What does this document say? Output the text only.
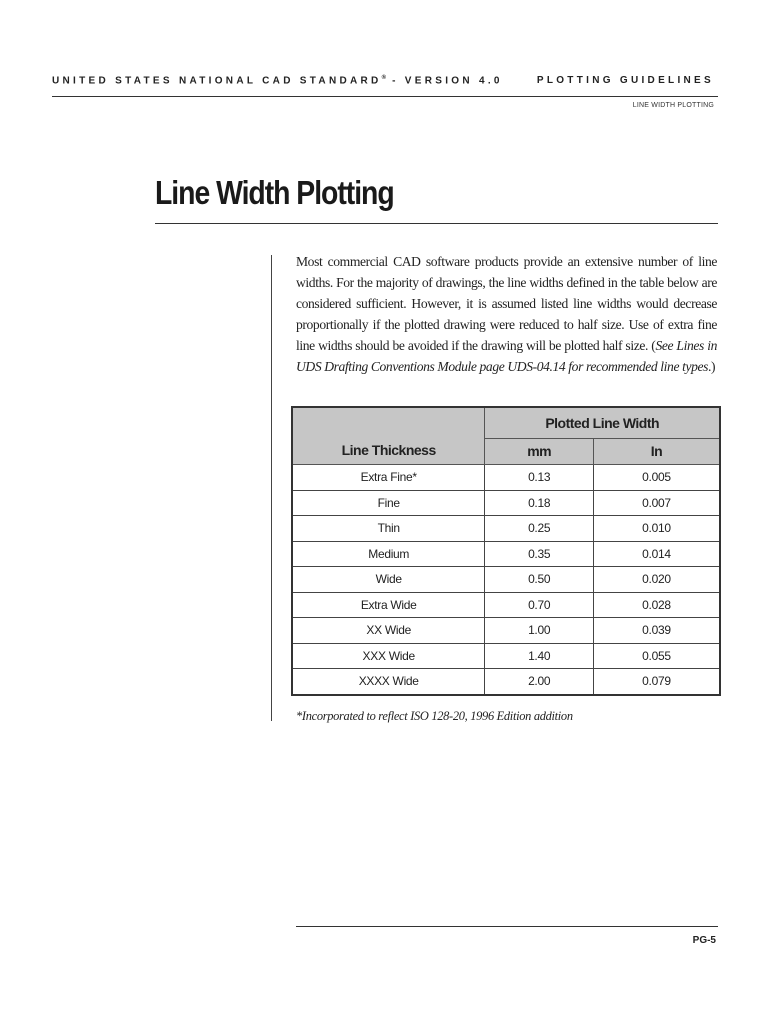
UNITED STATES NATIONAL CAD STANDARD® - VERSION 4.0	PLOTTING GUIDELINES
LINE WIDTH PLOTTING
Line Width Plotting

Most commercial CAD software products provide an extensive number of line widths. For the majority of drawings, the line widths defined in the table below are considered sufficient. However, it is assumed listed line widths would decrease proportionally if the plotted drawing were reduced to half size. Use of extra fine line widths should be avoided if the drawing will be plotted half size. (See Lines in UDS Drafting Conventions Module page UDS-04.14 for recommended line types.)

Line Thickness	Plotted Line Width	
	mm	In
Extra Fine*	0.13	0.005
Fine	0.18	0.007
Thin	0.25	0.010
Medium	0.35	0.014
Wide	0.50	0.020
Extra Wide	0.70	0.028
XX Wide	1.00	0.039
XXX Wide	1.40	0.055
XXXX Wide	2.00	0.079
*Incorporated to reflect ISO 128-20, 1996 Edition addition
PG-5
